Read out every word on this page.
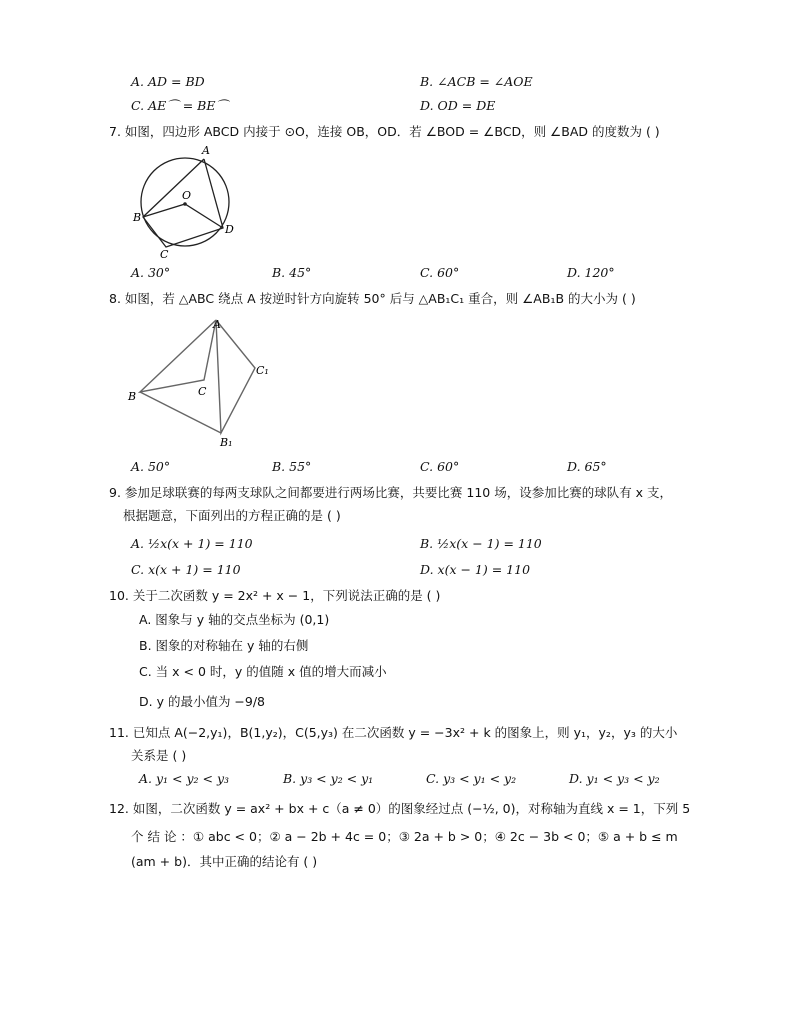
A. AD = BD	B. ∠ACB = ∠AOE
C. AE⌒ = BE⌒	D. OD = DE
7. 如图，四边形 ABCD 内接于 ⊙O，连接 OB，OD．若 ∠BOD = ∠BCD，则 ∠BAD 的度数为 ( )
A
O
B
C
D
A. 30°	B. 45°	C. 60°	D. 120°
8. 如图，若 △ABC 绕点 A 按逆时针方向旋转 50° 后与 △AB₁C₁ 重合，则 ∠AB₁B 的大小为 ( )
A
B	C
C₁
B₁
A. 50°	B. 55°	C. 60°	D. 65°
9. 参加足球联赛的每两支球队之间都要进行两场比赛，共要比赛 110 场，设参加比赛的球队有 x 支，
根据题意，下面列出的方程正确的是 ( )
A. ½x(x + 1) = 110	B. ½x(x − 1) = 110
C. x(x + 1) = 110	D. x(x − 1) = 110
10. 关于二次函数 y = 2x² + x − 1，下列说法正确的是 ( )
A. 图象与 y 轴的交点坐标为 (0,1)
B. 图象的对称轴在 y 轴的右侧
C. 当 x < 0 时，y 的值随 x 值的增大而减小
D. y 的最小值为 −9/8
11. 已知点 A(−2,y₁)，B(1,y₂)，C(5,y₃) 在二次函数 y = −3x² + k 的图象上，则 y₁，y₂，y₃ 的大小
关系是 ( )
A. y₁ < y₂ < y₃	B. y₃ < y₂ < y₁	C. y₃ < y₁ < y₂	D. y₁ < y₃ < y₂
12. 如图，二次函数 y = ax² + bx + c（a ≠ 0）的图象经过点 (−½, 0)，对称轴为直线 x = 1，下列 5
个 结 论 ：① abc < 0；② a − 2b + 4c = 0；③ 2a + b > 0；④ 2c − 3b < 0；⑤ a + b ≤ m
(am + b)．其中正确的结论有 ( )
